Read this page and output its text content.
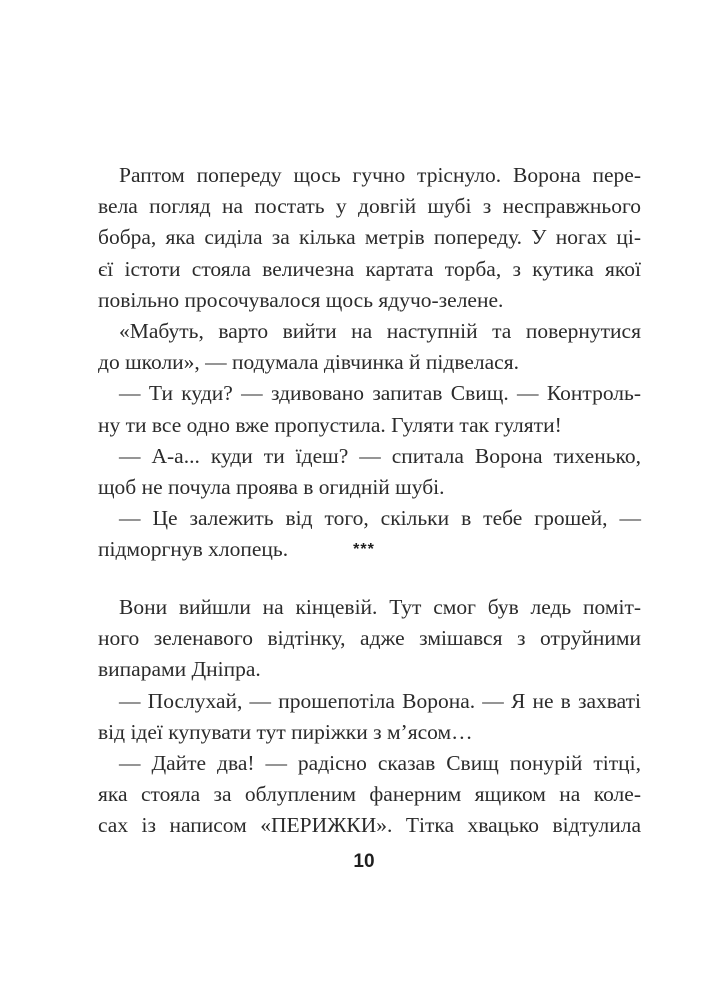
Раптом попереду щось гучно тріснуло. Ворона пере-
вела погляд на постать у довгій шубі з несправжнього
бобра, яка сиділа за кілька метрів попереду. У ногах ці-
єї істоти стояла величезна картата торба, з кутика якої
повільно просочувалося щось ядучо-зелене.
«Мабуть, варто вийти на наступній та повернутися
до школи», — подумала дівчинка й підвелася.
— Ти куди? — здивовано запитав Свищ. — Контроль-
ну ти все одно вже пропустила. Гуляти так гуляти!
— А-а... куди ти їдеш? — спитала Ворона тихенько,
щоб не почула проява в огидній шубі.
— Це залежить від того, скільки в тебе грошей, —
підморгнув хлопець.	***
Вони вийшли на кінцевій. Тут смог був ледь поміт-
ного зеленавого відтінку, адже змішався з отруйними
випарами Дніпра.
— Послухай, — прошепотіла Ворона. — Я не в захваті
від ідеї купувати тут пиріжки з м’ясом…
— Дайте два! — радісно сказав Свищ понурій тітці,
яка стояла за облупленим фанерним ящиком на коле-
сах із написом «ПЕРИЖКИ». Тітка хвацько відтулила
10
